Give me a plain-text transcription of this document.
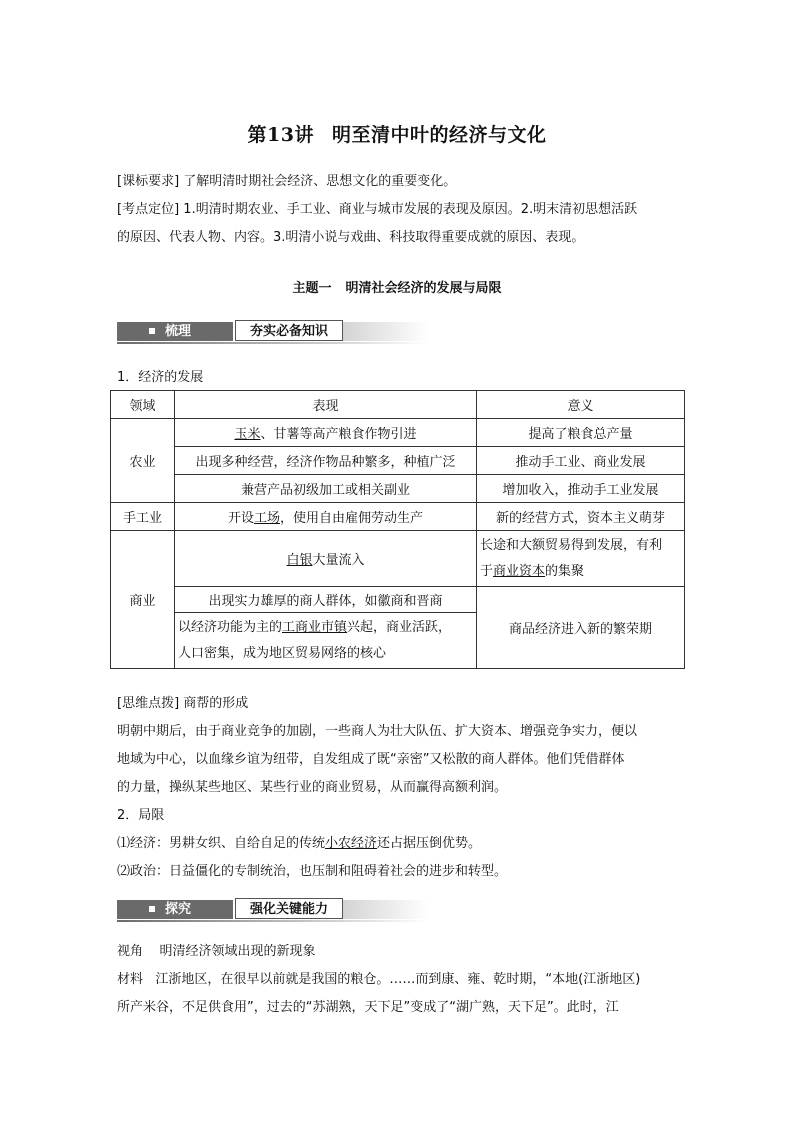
第13讲 明至清中叶的经济与文化
[课标要求] 了解明清时期社会经济、思想文化的重要变化。
[考点定位] 1.明清时期农业、手工业、商业与城市发展的表现及原因。2.明末清初思想活跃
的原因、代表人物、内容。3.明清小说与戏曲、科技取得重要成就的原因、表现。
主题一 明清社会经济的发展与局限
梳理	夯实必备知识
1．经济的发展
领域	表现	意义
农业	玉米、甘薯等高产粮食作物引进	提高了粮食总产量
	出现多种经营，经济作物品种繁多，种植广泛	推动手工业、商业发展
	兼营产品初级加工或相关副业	增加收入，推动手工业发展
手工业	开设工场，使用自由雇佣劳动生产	新的经营方式，资本主义萌芽
商业	白银大量流入	长途和大额贸易得到发展，有利
于商业资本的集聚

	出现实力雄厚的商人群体，如徽商和晋商	商品经济进入新的繁荣期

	以经济功能为主的工商业市镇兴起，商业活跃，
人口密集，成为地区贸易网络的核心	
[思维点拨] 商帮的形成
明朝中期后，由于商业竞争的加剧，一些商人为壮大队伍、扩大资本、增强竞争实力，便以
地域为中心，以血缘乡谊为纽带，自发组成了既“亲密”又松散的商人群体。他们凭借群体
的力量，操纵某些地区、某些行业的商业贸易，从而赢得高额利润。
2．局限
⑴经济：男耕女织、自给自足的传统小农经济还占据压倒优势。
⑵政治：日益僵化的专制统治，也压制和阻碍着社会的进步和转型。
探究	强化关键能力
视角 明清经济领域出现的新现象
材料 江浙地区，在很早以前就是我国的粮仓。……而到康、雍、乾时期，“本地(江浙地区)
所产米谷，不足供食用”，过去的“苏湖熟，天下足”变成了“湖广熟，天下足”。此时，江
